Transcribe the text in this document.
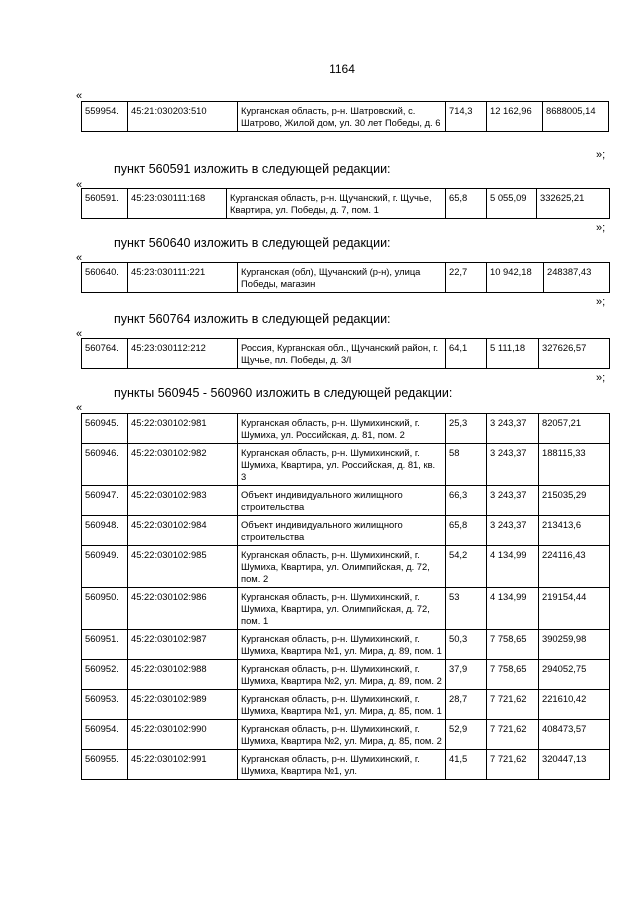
1164
«
559954.	45:21:030203:510	Курганская область, р-н. Шатровский, с. Шатрово, Жилой дом, ул. 30 лет Победы, д. 6	714,3	12 162,96	8688005,14
»;
пункт 560591 изложить в следующей редакции:
«
560591.	45:23:030111:168	Курганская область, р-н. Щучанский, г. Щучье, Квартира, ул. Победы, д. 7, пом. 1	65,8	5 055,09	332625,21
»;
пункт 560640 изложить в следующей редакции:
«
560640.	45:23:030111:221	Курганская (обл), Щучанский (р-н), улица Победы, магазин	22,7	10 942,18	248387,43
»;
пункт 560764 изложить в следующей редакции:
«
560764.	45:23:030112:212	Россия, Курганская обл., Щучанский район, г. Щучье, пл. Победы, д. 3/I	64,1	5 111,18	327626,57
»;
пункты 560945 - 560960 изложить в следующей редакции:
«
560945.	45:22:030102:981	Курганская область, р-н. Шумихинский, г. Шумиха, ул. Российская, д. 81, пом. 2	25,3	3 243,37	82057,21
560946.	45:22:030102:982	Курганская область, р-н. Шумихинский, г. Шумиха, Квартира, ул. Российская, д. 81, кв. 3	58	3 243,37	188115,33
560947.	45:22:030102:983	Объект индивидуального жилищного строительства	66,3	3 243,37	215035,29
560948.	45:22:030102:984	Объект индивидуального жилищного строительства	65,8	3 243,37	213413,6
560949.	45:22:030102:985	Курганская область, р-н. Шумихинский, г. Шумиха, Квартира, ул. Олимпийская, д. 72, пом. 2	54,2	4 134,99	224116,43
560950.	45:22:030102:986	Курганская область, р-н. Шумихинский, г. Шумиха, Квартира, ул. Олимпийская, д. 72, пом. 1	53	4 134,99	219154,44
560951.	45:22:030102:987	Курганская область, р-н. Шумихинский, г. Шумиха, Квартира №1, ул. Мира, д. 89, пом. 1	50,3	7 758,65	390259,98
560952.	45:22:030102:988	Курганская область, р-н. Шумихинский, г. Шумиха, Квартира №2, ул. Мира, д. 89, пом. 2	37,9	7 758,65	294052,75
560953.	45:22:030102:989	Курганская область, р-н. Шумихинский, г. Шумиха, Квартира №1, ул. Мира, д. 85, пом. 1	28,7	7 721,62	221610,42
560954.	45:22:030102:990	Курганская область, р-н. Шумихинский, г. Шумиха, Квартира №2, ул. Мира, д. 85, пом. 2	52,9	7 721,62	408473,57
560955.	45:22:030102:991	Курганская область, р-н. Шумихинский, г. Шумиха, Квартира №1, ул.	41,5	7 721,62	320447,13
